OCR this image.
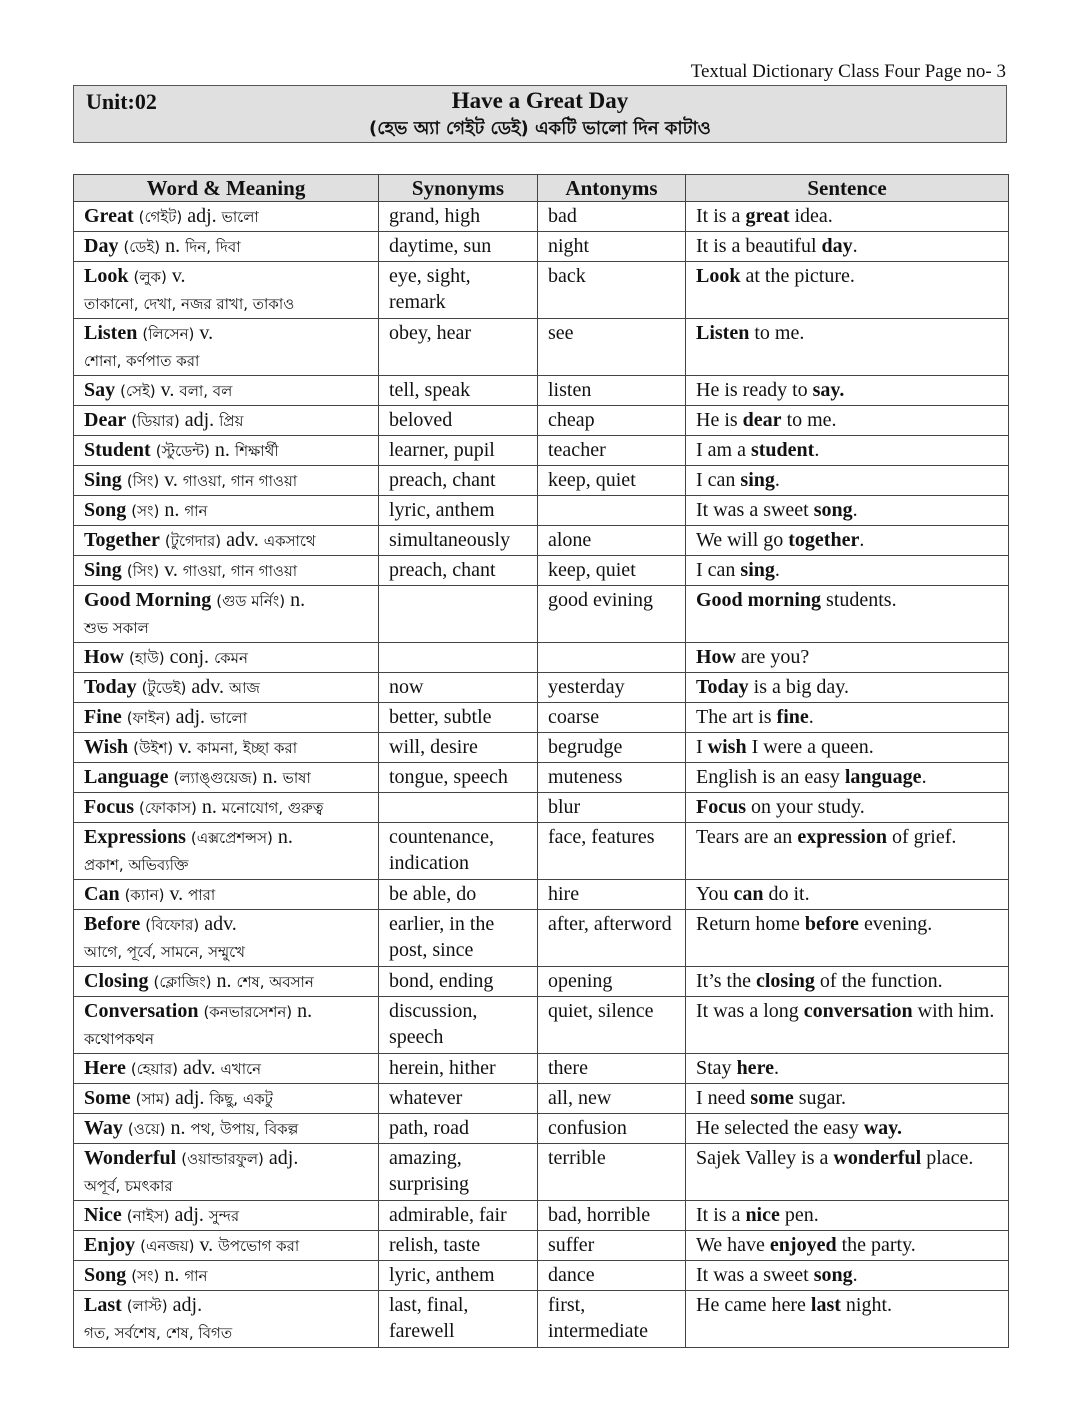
Textual Dictionary Class Four Page no- 3
Unit:02	Have a Great Day
(হেভ অ্যা গেইট ডেই) একটি ভালো দিন কাটাও
Word & Meaning	Synonyms	Antonyms	Sentence
Great (গেইট) adj. ভালো	grand, high	bad	It is a great idea.
Day (ডেই) n. দিন, দিবা	daytime, sun	night	It is a beautiful day.
Look (লুক) v.
তাকানো, দেখা, নজর রাখা, তাকাও	eye, sight, remark	back	Look at the picture.
Listen (লিসেন) v.
শোনা, কর্ণপাত করা	obey, hear	see	Listen to me.
Say (সেই) v. বলা, বল	tell, speak	listen	He is ready to say.
Dear (ডিয়ার) adj. প্রিয়	beloved	cheap	He is dear to me.
Student (স্টুডেন্ট) n. শিক্ষার্থী	learner, pupil	teacher	I am a student.
Sing (সিং) v. গাওয়া, গান গাওয়া	preach, chant	keep, quiet	I can sing.
Song (সং) n. গান	lyric, anthem		It was a sweet song.
Together (টুগেদার) adv. একসাথে	simultaneously	alone	We will go together.
Sing (সিং) v. গাওয়া, গান গাওয়া	preach, chant	keep, quiet	I can sing.
Good Morning (গুড মর্নিং) n.
শুভ সকাল		good evining	Good morning students.
How (হাউ) conj. কেমন			How are you?
Today (টুডেই) adv. আজ	now	yesterday	Today is a big day.
Fine (ফাইন) adj. ভালো	better, subtle	coarse	The art is fine.
Wish (উইশ) v. কামনা, ইচ্ছা করা	will, desire	begrudge	I wish I were a queen.
Language (ল্যাঙ্গুয়েজ) n. ভাষা	tongue, speech	muteness	English is an easy language.
Focus (ফোকাস) n. মনোযোগ, গুরুত্ব		blur	Focus on your study.
Expressions (এক্সপ্রেশন্সস) n.
প্রকাশ, অভিব্যক্তি	countenance, indication	face, features	Tears are an expression of grief.
Can (ক্যান) v. পারা	be able, do	hire	You can do it.
Before (বিফোর) adv.
আগে, পূর্বে, সামনে, সম্মুখে	earlier, in the post, since	after, afterword	Return home before evening.
Closing (ক্লোজিং) n. শেষ, অবসান	bond, ending	opening	It’s the closing of the function.
Conversation (কনভারসেশন) n.
কথোপকথন	discussion, speech	quiet, silence	It was a long conversation with him.
Here (হেয়ার) adv. এখানে	herein, hither	there	Stay here.
Some (সাম) adj. কিছু, একটু	whatever	all, new	I need some sugar.
Way (ওয়ে) n. পথ, উপায়, বিকল্প	path, road	confusion	He selected the easy way.
Wonderful (ওয়ান্ডারফুল) adj.
অপূর্ব, চমৎকার	amazing, surprising	terrible	Sajek Valley is a wonderful place.
Nice (নাইস) adj. সুন্দর	admirable, fair	bad, horrible	It is a nice pen.
Enjoy (এনজয়) v. উপভোগ করা	relish, taste	suffer	We have enjoyed the party.
Song (সং) n. গান	lyric, anthem	dance	It was a sweet song.
Last (লাস্ট) adj.
গত, সর্বশেষ, শেষ, বিগত	last, final, farewell	first, intermediate	He came here last night.
